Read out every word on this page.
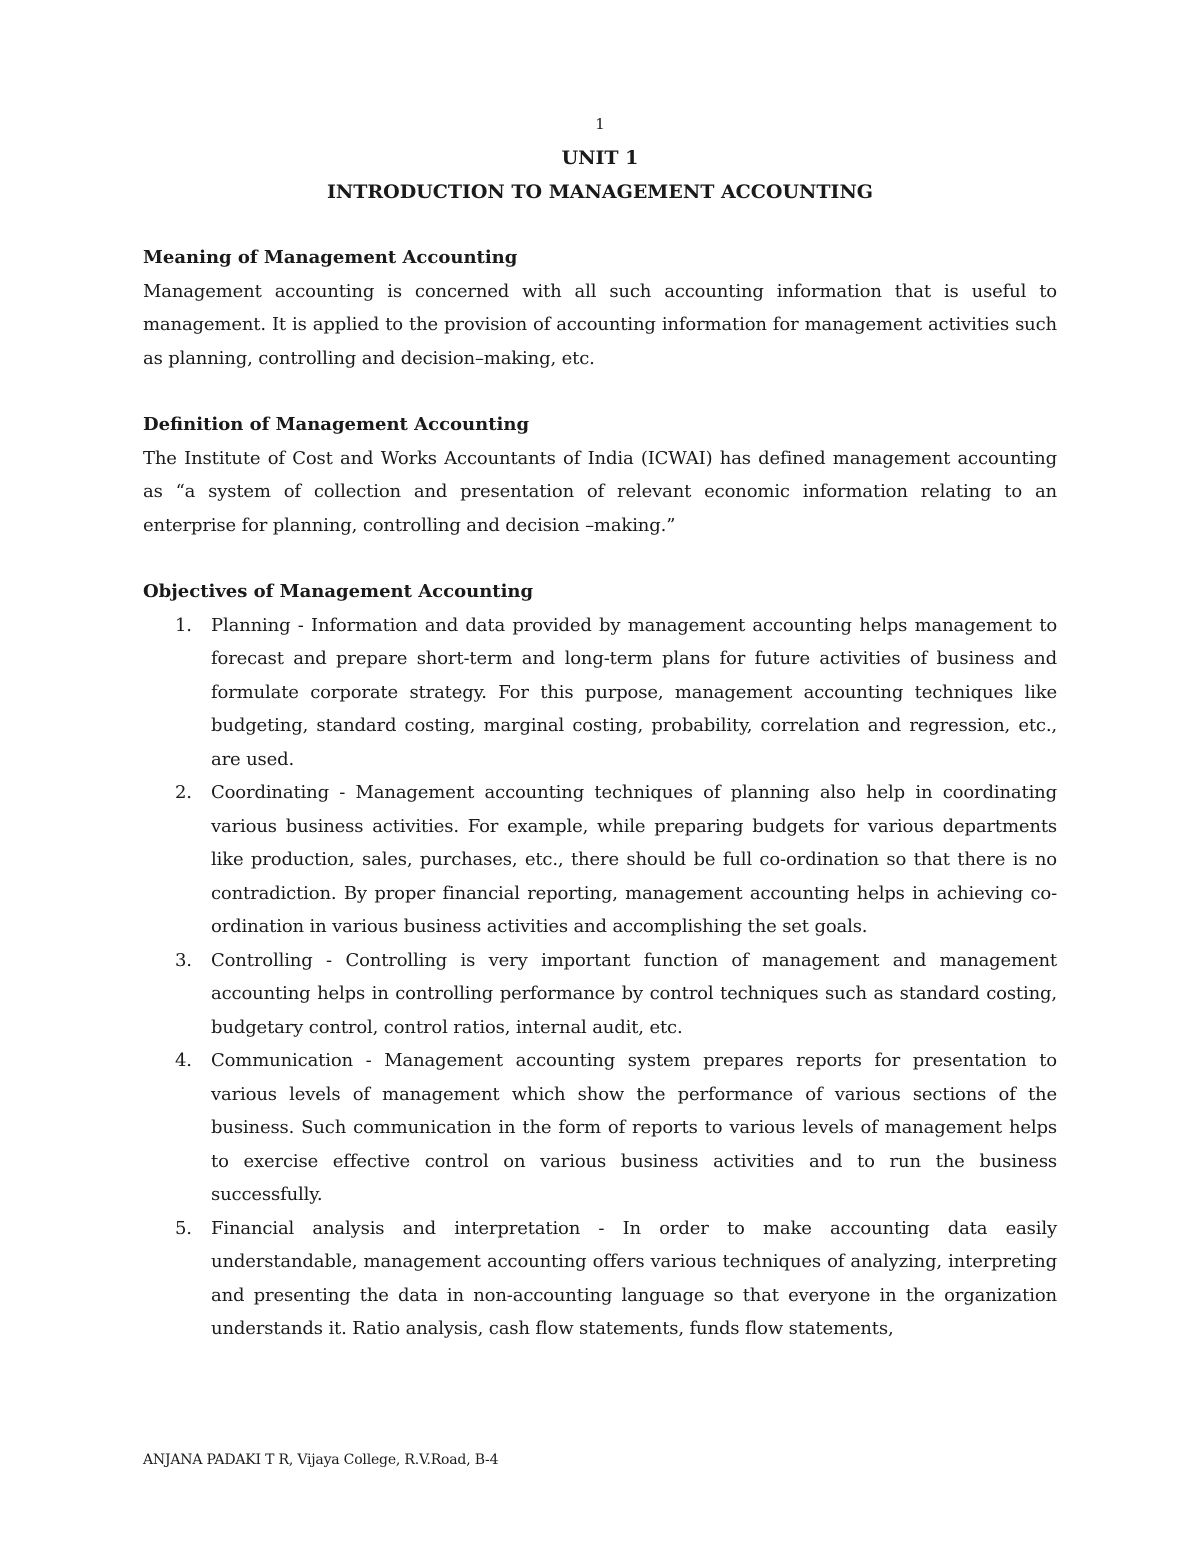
1
UNIT 1
INTRODUCTION TO MANAGEMENT ACCOUNTING
Meaning of Management Accounting

Management accounting is concerned with all such accounting information that is useful to management. It is applied to the provision of accounting information for management activities such as planning, controlling and decision–making, etc.

Definition of Management Accounting

The Institute of Cost and Works Accountants of India (ICWAI) has defined management accounting as “a system of collection and presentation of relevant economic information relating to an enterprise for planning, controlling and decision –making.”

Objectives of Management Accounting
1. Planning - Information and data provided by management accounting helps management to forecast and prepare short-term and long-term plans for future activities of business and formulate corporate strategy. For this purpose, management accounting techniques like budgeting, standard costing, marginal costing, probability, correlation and regression, etc., are used.
2. Coordinating - Management accounting techniques of planning also help in coordinating various business activities. For example, while preparing budgets for various departments like production, sales, purchases, etc., there should be full co-ordination so that there is no contradiction. By proper financial reporting, management accounting helps in achieving co-ordination in various business activities and accomplishing the set goals.
3. Controlling - Controlling is very important function of management and management accounting helps in controlling performance by control techniques such as standard costing, budgetary control, control ratios, internal audit, etc.
4. Communication - Management accounting system prepares reports for presentation to various levels of management which show the performance of various sections of the business. Such communication in the form of reports to various levels of management helps to exercise effective control on various business activities and to run the business successfully.
5. Financial analysis and interpretation - In order to make accounting data easily understandable, management accounting offers various techniques of analyzing, interpreting and presenting the data in non-accounting language so that everyone in the organization understands it. Ratio analysis, cash flow statements, funds flow statements,
ANJANA PADAKI T R, Vijaya College, R.V.Road, B-4
